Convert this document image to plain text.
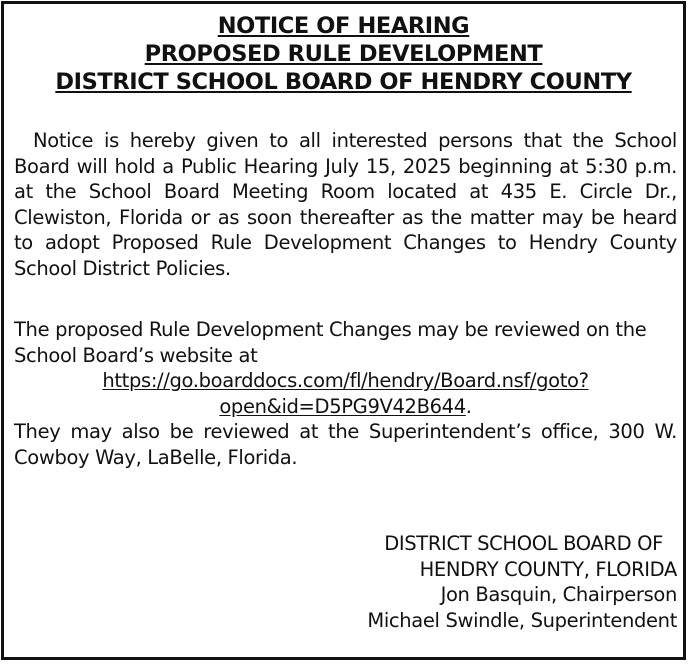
NOTICE OF HEARING
PROPOSED RULE DEVELOPMENT
DISTRICT SCHOOL BOARD OF HENDRY COUNTY
Notice is hereby given to all interested persons that the School Board will hold a Public Hearing July 15, 2025 beginning at 5:30 p.m. at the School Board Meeting Room located at 435 E. Circle Dr., Clewiston, Florida or as soon thereafter as the matter may be heard to adopt Proposed Rule Development Changes to Hendry County School District Policies.
The proposed Rule Development Changes may be reviewed on the School Board’s website at
https://go.boarddocs.com/fl/hendry/Board.nsf/goto?
open&id=D5PG9V42B644.
They may also be reviewed at the Superintendent’s office, 300 W. Cowboy Way, LaBelle, Florida.
DISTRICT SCHOOL BOARD OF
HENDRY COUNTY, FLORIDA
Jon Basquin, Chairperson
Michael Swindle, Superintendent
